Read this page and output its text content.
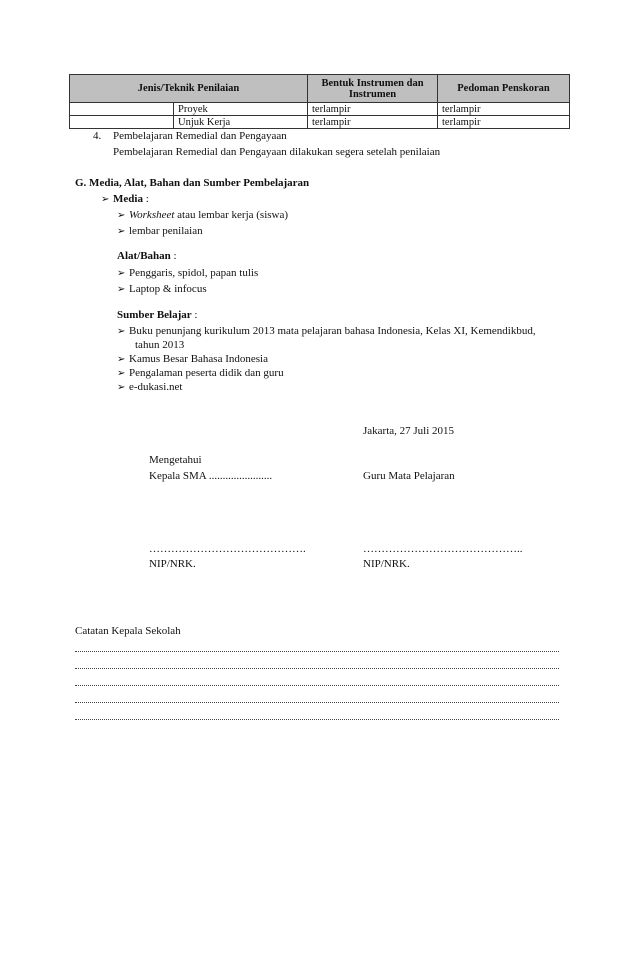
Jenis/Teknik Penilaian		Bentuk Instrumen dan Instrumen	Pedoman Penskoran
	Proyek	terlampir	terlampir
	Unjuk Kerja	terlampir	terlampir
4. Pembelajaran Remedial dan Pengayaan
Pembelajaran Remedial dan Pengayaan dilakukan segera setelah penilaian
G. Media, Alat, Bahan dan Sumber Pembelajaran
➢ Media :
➢ Worksheet atau lembar kerja (siswa)
➢ lembar penilaian
Alat/Bahan :
➢ Penggaris, spidol, papan tulis
➢ Laptop & infocus
Sumber Belajar :
➢ Buku penunjang kurikulum 2013 mata pelajaran bahasa Indonesia, Kelas XI, Kemendikbud,
tahun 2013
➢ Kamus Besar Bahasa Indonesia
➢ Pengalaman peserta didik dan guru
➢ e-dukasi.net
Jakarta, 27 Juli 2015
Mengetahui
Kepala SMA .......................	Guru Mata Pelajaran
…………………………………….	……………………………………..
NIP/NRK.	NIP/NRK.
Catatan Kepala Sekolah
